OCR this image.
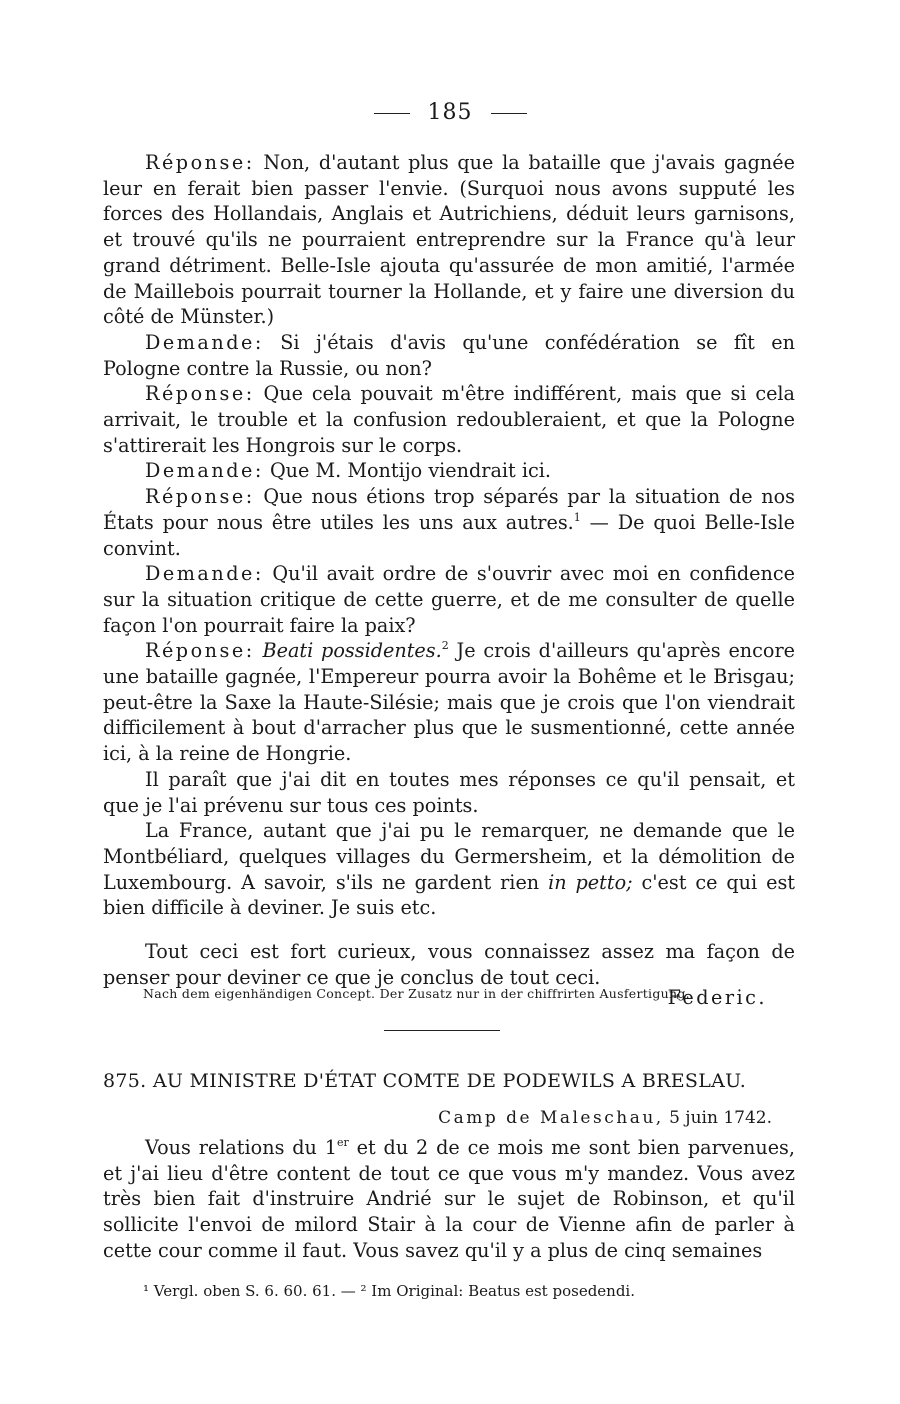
185

Réponse: Non, d'autant plus que la bataille que j'avais gagnée leur en ferait bien passer l'envie. (Surquoi nous avons supputé les forces des Hollandais, Anglais et Autrichiens, déduit leurs garnisons, et trouvé qu'ils ne pourraient entreprendre sur la France qu'à leur grand détriment. Belle-Isle ajouta qu'assurée de mon amitié, l'armée de Maillebois pourrait tourner la Hollande, et y faire une diversion du côté de Münster.)

Demande: Si j'étais d'avis qu'une confédération se fît en Pologne contre la Russie, ou non?

Réponse: Que cela pouvait m'être indifférent, mais que si cela arrivait, le trouble et la confusion redoubleraient, et que la Pologne s'attirerait les Hongrois sur le corps.

Demande: Que M. Montijo viendrait ici.

Réponse: Que nous étions trop séparés par la situation de nos États pour nous être utiles les uns aux autres.$^1$ — De quoi Belle-Isle convint.

Demande: Qu'il avait ordre de s'ouvrir avec moi en confidence sur la situation critique de cette guerre, et de me consulter de quelle façon l'on pourrait faire la paix?

Réponse: Beati possidentes.$^2$ Je crois d'ailleurs qu'après encore une bataille gagnée, l'Empereur pourra avoir la Bohême et le Brisgau; peut-être la Saxe la Haute-Silésie; mais que je crois que l'on viendrait difficilement à bout d'arracher plus que le susmentionné, cette année ici, à la reine de Hongrie.

Il paraît que j'ai dit en toutes mes réponses ce qu'il pensait, et que je l'ai prévenu sur tous ces points.

La France, autant que j'ai pu le remarquer, ne demande que le Montbéliard, quelques villages du Germersheim, et la démolition de Luxembourg. A savoir, s'ils ne gardent rien in petto; c'est ce qui est bien difficile à deviner. Je suis etc.

Tout ceci est fort curieux, vous connaissez assez ma façon de penser pour deviner ce que je conclus de tout ceci.

Federic.
Nach dem eigenhändigen Concept. Der Zusatz nur in der chiffrirten Ausfertigung.
875. AU MINISTRE D'ÉTAT COMTE DE PODEWILS A BRESLAU.
Camp de Maleschau, 5 juin 1742.

Vous relations du 1er et du 2 de ce mois me sont bien parvenues, et j'ai lieu d'être content de tout ce que vous m'y mandez. Vous avez très bien fait d'instruire Andrié sur le sujet de Robinson, et qu'il sollicite l'envoi de milord Stair à la cour de Vienne afin de parler à cette cour comme il faut. Vous savez qu'il y a plus de cinq semaines

¹ Vergl. oben S. 6. 60. 61. — ² Im Original: Beatus est posedendi.
